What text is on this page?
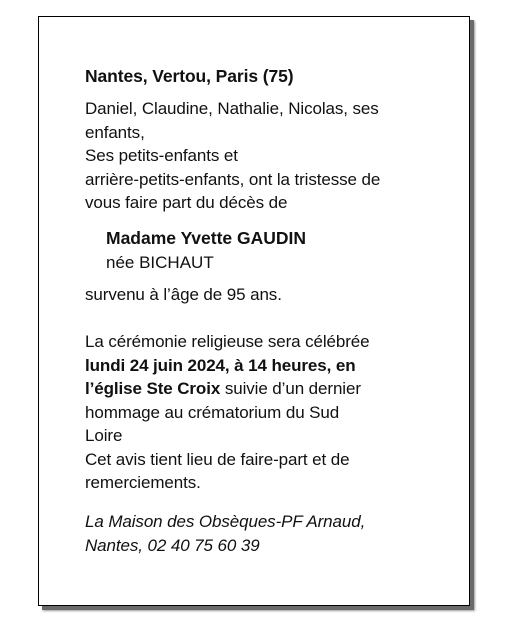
Nantes, Vertou, Paris (75)

Daniel, Claudine, Nathalie, Nicolas, ses
enfants,
Ses petits-enfants et
arrière-petits-enfants, ont la tristesse de
vous faire part du décès de

Madame Yvette GAUDIN
née BICHAUT

survenu à l’âge de 95 ans.

La cérémonie religieuse sera célébrée
lundi 24 juin 2024, à 14 heures, en
l’église Ste Croix suivie d’un dernier
hommage au crématorium du Sud
Loire
Cet avis tient lieu de faire-part et de
remerciements.

La Maison des Obsèques-PF Arnaud,
Nantes, 02 40 75 60 39
